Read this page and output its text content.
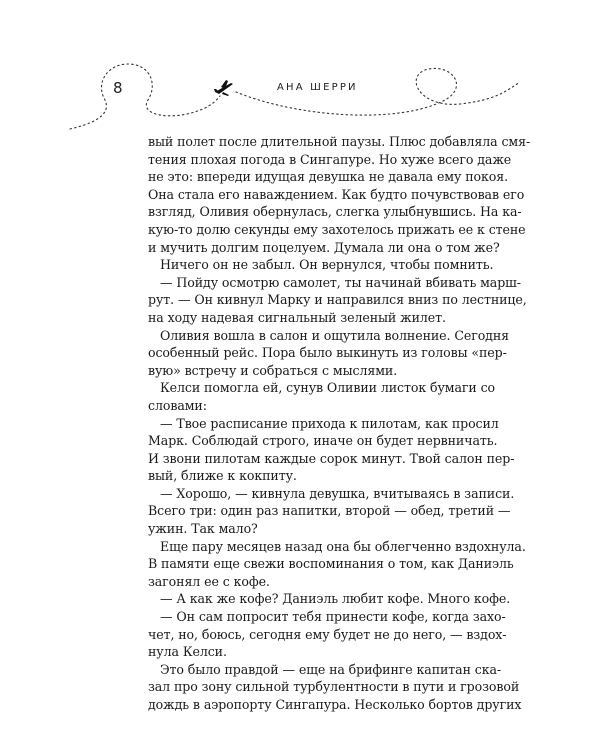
8	АНА ШЕРРИ
вый полет после длительной паузы. Плюс добавляла смя-
тения плохая погода в Сингапуре. Но хуже всего даже
не это: впереди идущая девушка не давала ему покоя.
Она стала его наваждением. Как будто почувствовав его
взгляд, Оливия обернулась, слегка улыбнувшись. На ка-
кую-то долю секунды ему захотелось прижать ее к стене
и мучить долгим поцелуем. Думала ли она о том же?
Ничего он не забыл. Он вернулся, чтобы помнить.
— Пойду осмотрю самолет, ты начинай вбивать марш-
рут. — Он кивнул Марку и направился вниз по лестнице,
на ходу надевая сигнальный зеленый жилет.
Оливия вошла в салон и ощутила волнение. Сегодня
особенный рейс. Пора было выкинуть из головы «пер-
вую» встречу и собраться с мыслями.
Келси помогла ей, сунув Оливии листок бумаги со
словами:
— Твое расписание прихода к пилотам, как просил
Марк. Соблюдай строго, иначе он будет нервничать.
И звони пилотам каждые сорок минут. Твой салон пер-
вый, ближе к кокпиту.
— Хорошо, — кивнула девушка, вчитываясь в записи.
Всего три: один раз напитки, второй — обед, третий —
ужин. Так мало?
Еще пару месяцев назад она бы облегченно вздохнула.
В памяти еще свежи воспоминания о том, как Даниэль
загонял ее с кофе.
— А как же кофе? Даниэль любит кофе. Много кофе.
— Он сам попросит тебя принести кофе, когда захо-
чет, но, боюсь, сегодня ему будет не до него, — вздох-
нула Келси.
Это было правдой — еще на брифинге капитан ска-
зал про зону сильной турбулентности в пути и грозовой
дождь в аэропорту Сингапура. Несколько бортов других
